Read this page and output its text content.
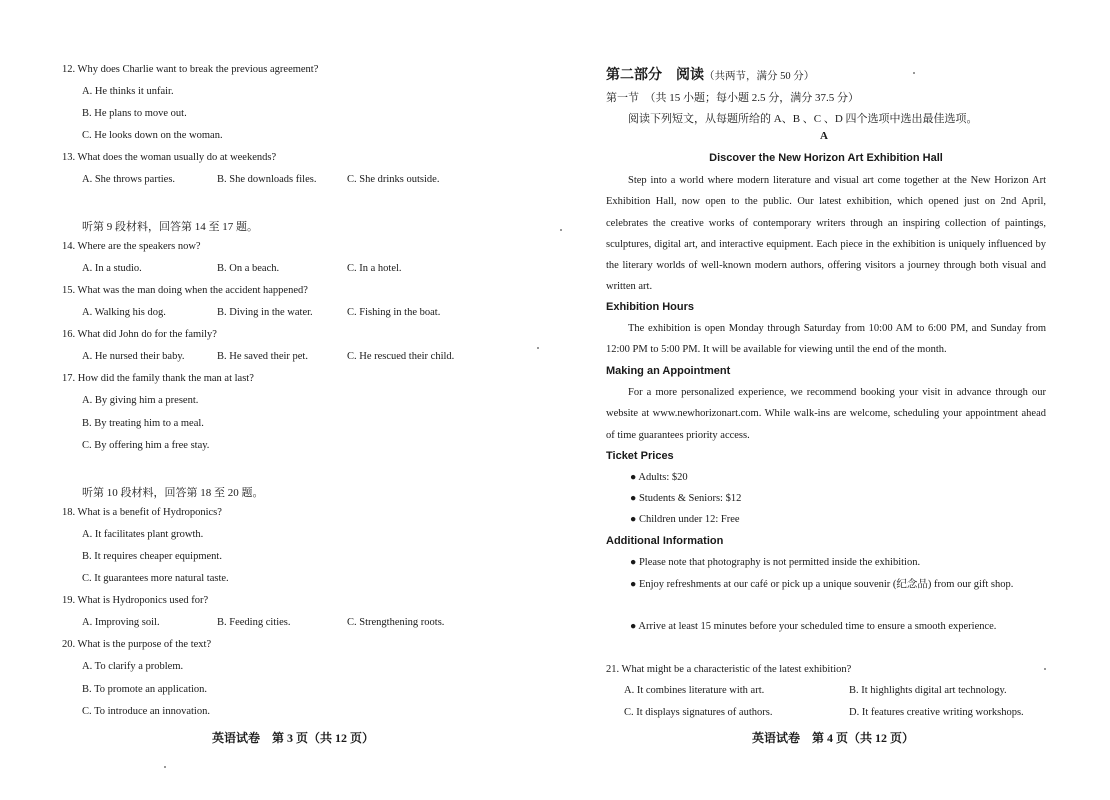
12. Why does Charlie want to break the previous agreement?
A. He thinks it unfair.
B. He plans to move out.
C. He looks down on the woman.
13. What does the woman usually do at weekends?
A. She throws parties.	B. She downloads files.	C. She drinks outside.
听第 9 段材料，回答第 14 至 17 题。
14. Where are the speakers now?
A. In a studio.	B. On a beach.	C. In a hotel.
15. What was the man doing when the accident happened?
A. Walking his dog.	B. Diving in the water.	C. Fishing in the boat.
16. What did John do for the family?
A. He nursed their baby.	B. He saved their pet.	C. He rescued their child.
17. How did the family thank the man at last?
A. By giving him a present.
B. By treating him to a meal.
C. By offering him a free stay.
听第 10 段材料，回答第 18 至 20 题。
18. What is a benefit of Hydroponics?
A. It facilitates plant growth.
B. It requires cheaper equipment.
C. It guarantees more natural taste.
19. What is Hydroponics used for?
A. Improving soil.	B. Feeding cities.	C. Strengthening roots.
20. What is the purpose of the text?
A. To clarify a problem.
B. To promote an application.
C. To introduce an innovation.
英语试卷　第 3 页（共 12 页）
第二部分　阅读（共两节，满分 50 分）
第一节　（共 15 小题；每小题 2.5 分，满分 37.5 分）
阅读下列短文，从每题所给的 A、B 、C 、D 四个选项中选出最佳选项。
A
Discover the New Horizon Art Exhibition Hall
Step into a world where modern literature and visual art come together at the New Horizon Art Exhibition Hall, now open to the public. Our latest exhibition, which opened just on 2nd April, celebrates the creative works of contemporary writers through an inspiring collection of paintings, sculptures, digital art, and interactive equipment. Each piece in the exhibition is uniquely influenced by the literary worlds of well-known modern authors, offering visitors a journey through both visual and written art.
Exhibition Hours
The exhibition is open Monday through Saturday from 10:00 AM to 6:00 PM, and Sunday from 12:00 PM to 5:00 PM. It will be available for viewing until the end of the month.
Making an Appointment
For a more personalized experience, we recommend booking your visit in advance through our website at www.newhorizonart.com. While walk-ins are welcome, scheduling your appointment ahead of time guarantees priority access.
Ticket Prices
● Adults: $20
● Students & Seniors: $12
● Children under 12: Free
Additional Information
● Please note that photography is not permitted inside the exhibition.
● Enjoy refreshments at our café or pick up a unique souvenir (纪念品) from our gift shop.
● Arrive at least 15 minutes before your scheduled time to ensure a smooth experience.
21. What might be a characteristic of the latest exhibition?
A. It combines literature with art.	B. It highlights digital art technology.
C. It displays signatures of authors.	D. It features creative writing workshops.
英语试卷　第 4 页（共 12 页）
